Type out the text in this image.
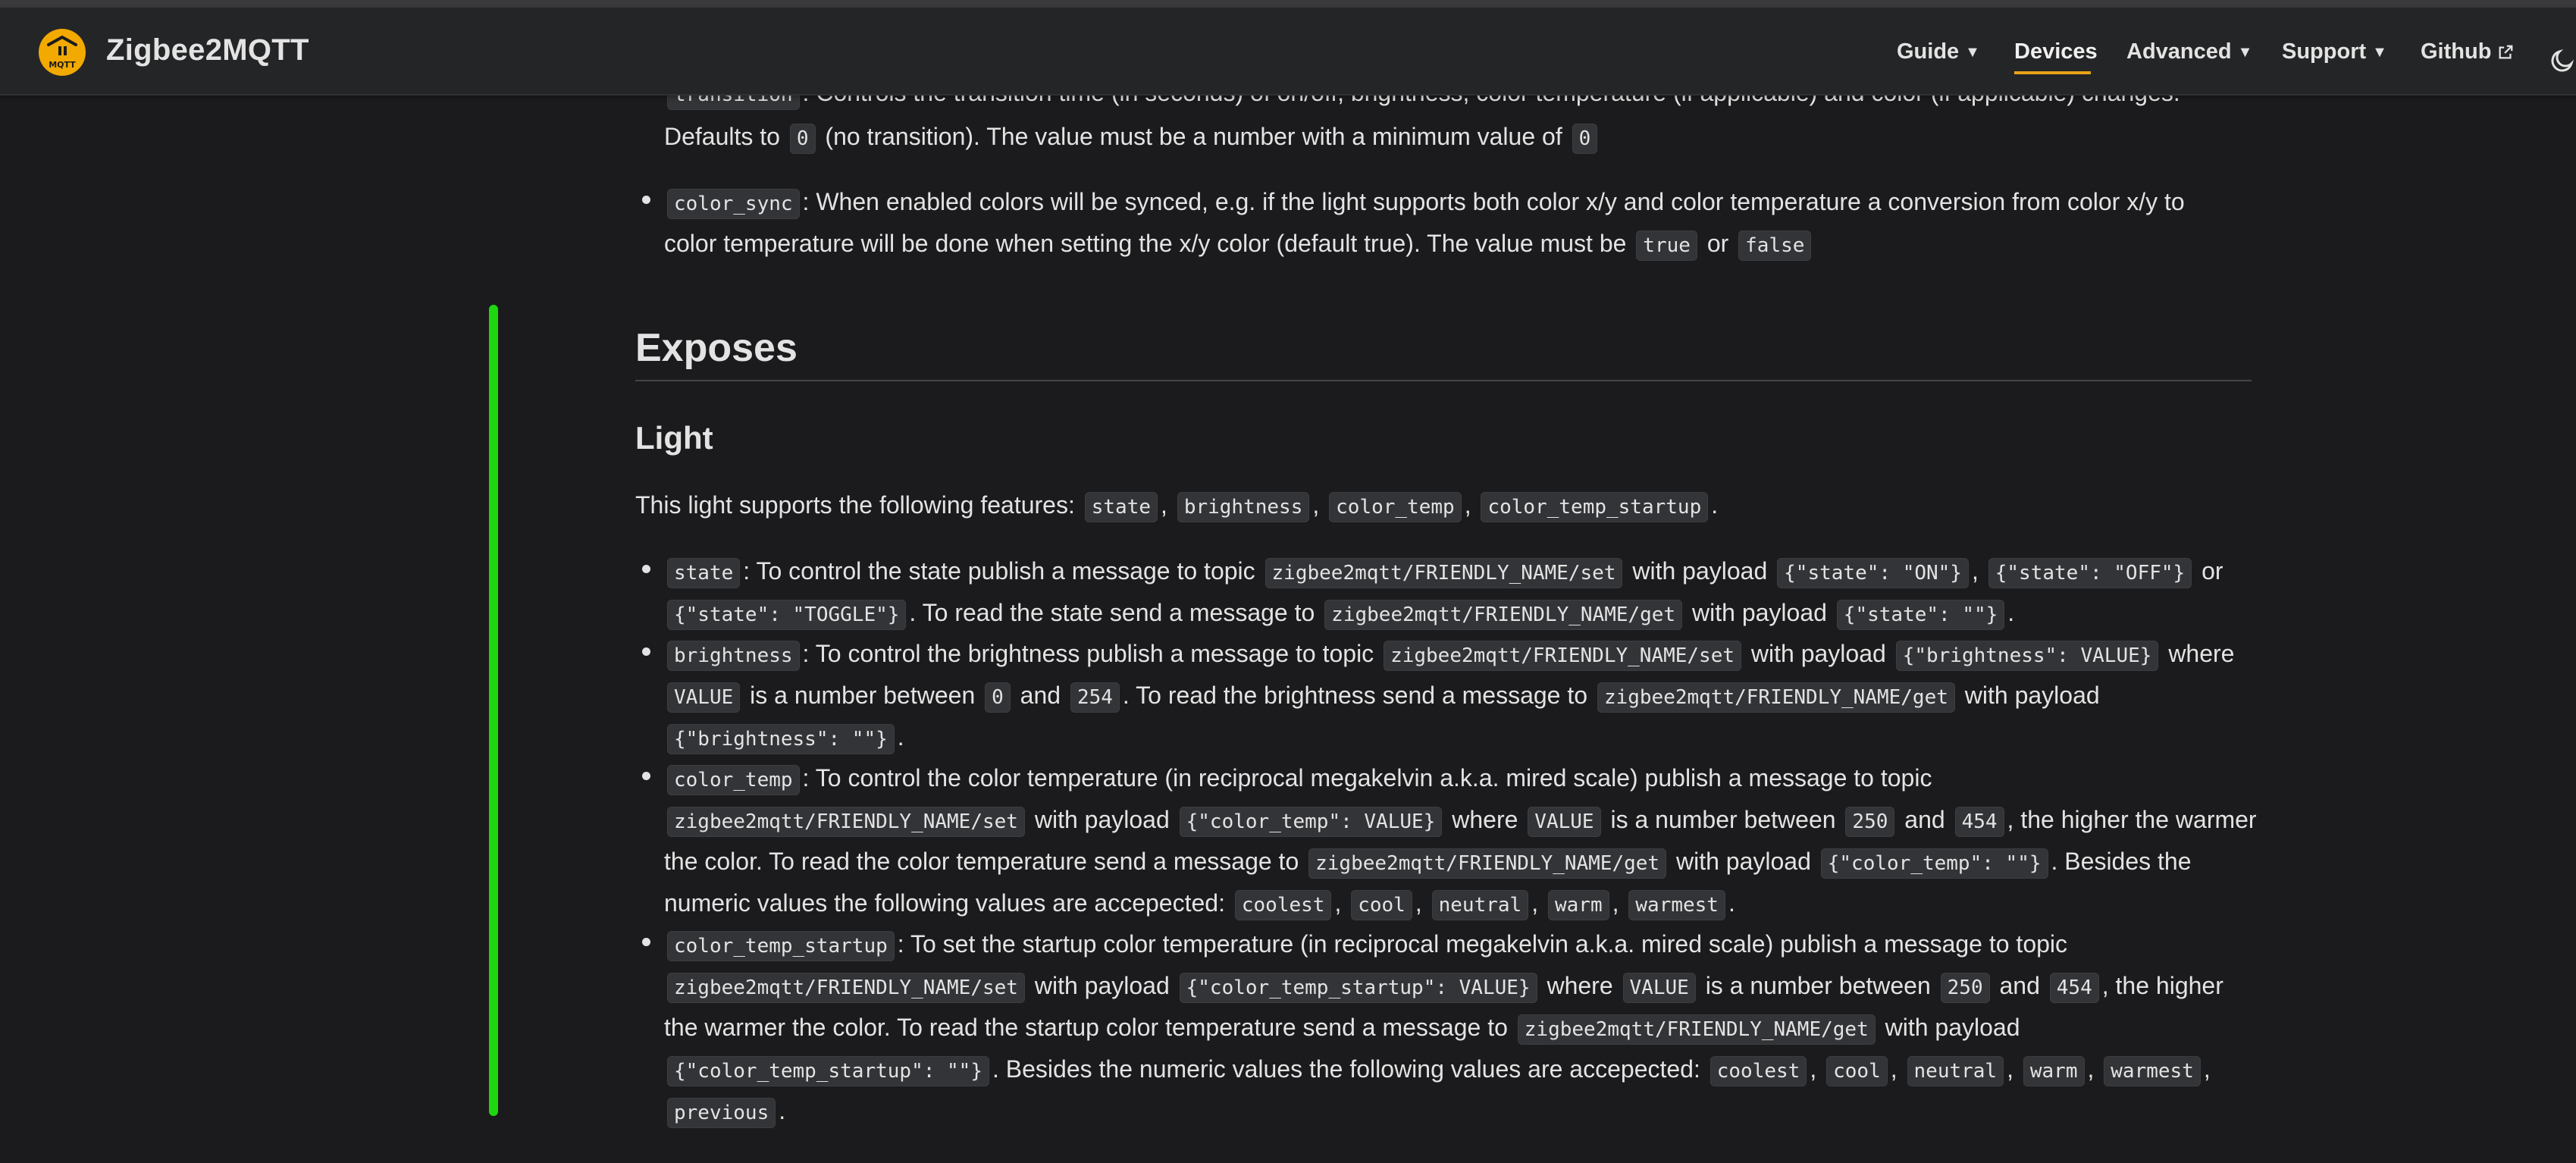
MQTT Zigbee2MQTT	Guide ▼ Devices Advanced ▼ Support ▼ Github
Defaults to 0 (no transition). The value must be a number with a minimum value of 0
color_sync : When enabled colors will be synced, e.g. if the light supports both color x/y and color temperature a conversion from color x/y to
color temperature will be done when setting the x/y color (default true). The value must be true or false
Exposes
Light
This light supports the following features: state , brightness , color_temp , color_temp_startup .
state : To control the state publish a message to topic zigbee2mqtt/FRIENDLY_NAME/set with payload {"state": "ON"} , {"state": "OFF"} or
{"state": "TOGGLE"} . To read the state send a message to zigbee2mqtt/FRIENDLY_NAME/get with payload {"state": ""} .
brightness : To control the brightness publish a message to topic zigbee2mqtt/FRIENDLY_NAME/set with payload {"brightness": VALUE} where
VALUE is a number between 0 and 254 . To read the brightness send a message to zigbee2mqtt/FRIENDLY_NAME/get with payload
{"brightness": ""} .
color_temp : To control the color temperature (in reciprocal megakelvin a.k.a. mired scale) publish a message to topic
zigbee2mqtt/FRIENDLY_NAME/set with payload {"color_temp": VALUE} where VALUE is a number between 250 and 454 , the higher the warmer
the color. To read the color temperature send a message to zigbee2mqtt/FRIENDLY_NAME/get with payload {"color_temp": ""} . Besides the
numeric values the following values are accepected: coolest , cool , neutral , warm , warmest .
color_temp_startup : To set the startup color temperature (in reciprocal megakelvin a.k.a. mired scale) publish a message to topic
zigbee2mqtt/FRIENDLY_NAME/set with payload {"color_temp_startup": VALUE} where VALUE is a number between 250 and 454 , the higher
the warmer the color. To read the startup color temperature send a message to zigbee2mqtt/FRIENDLY_NAME/get with payload
{"color_temp_startup": ""} . Besides the numeric values the following values are accepected: coolest , cool , neutral , warm , warmest ,
previous .
